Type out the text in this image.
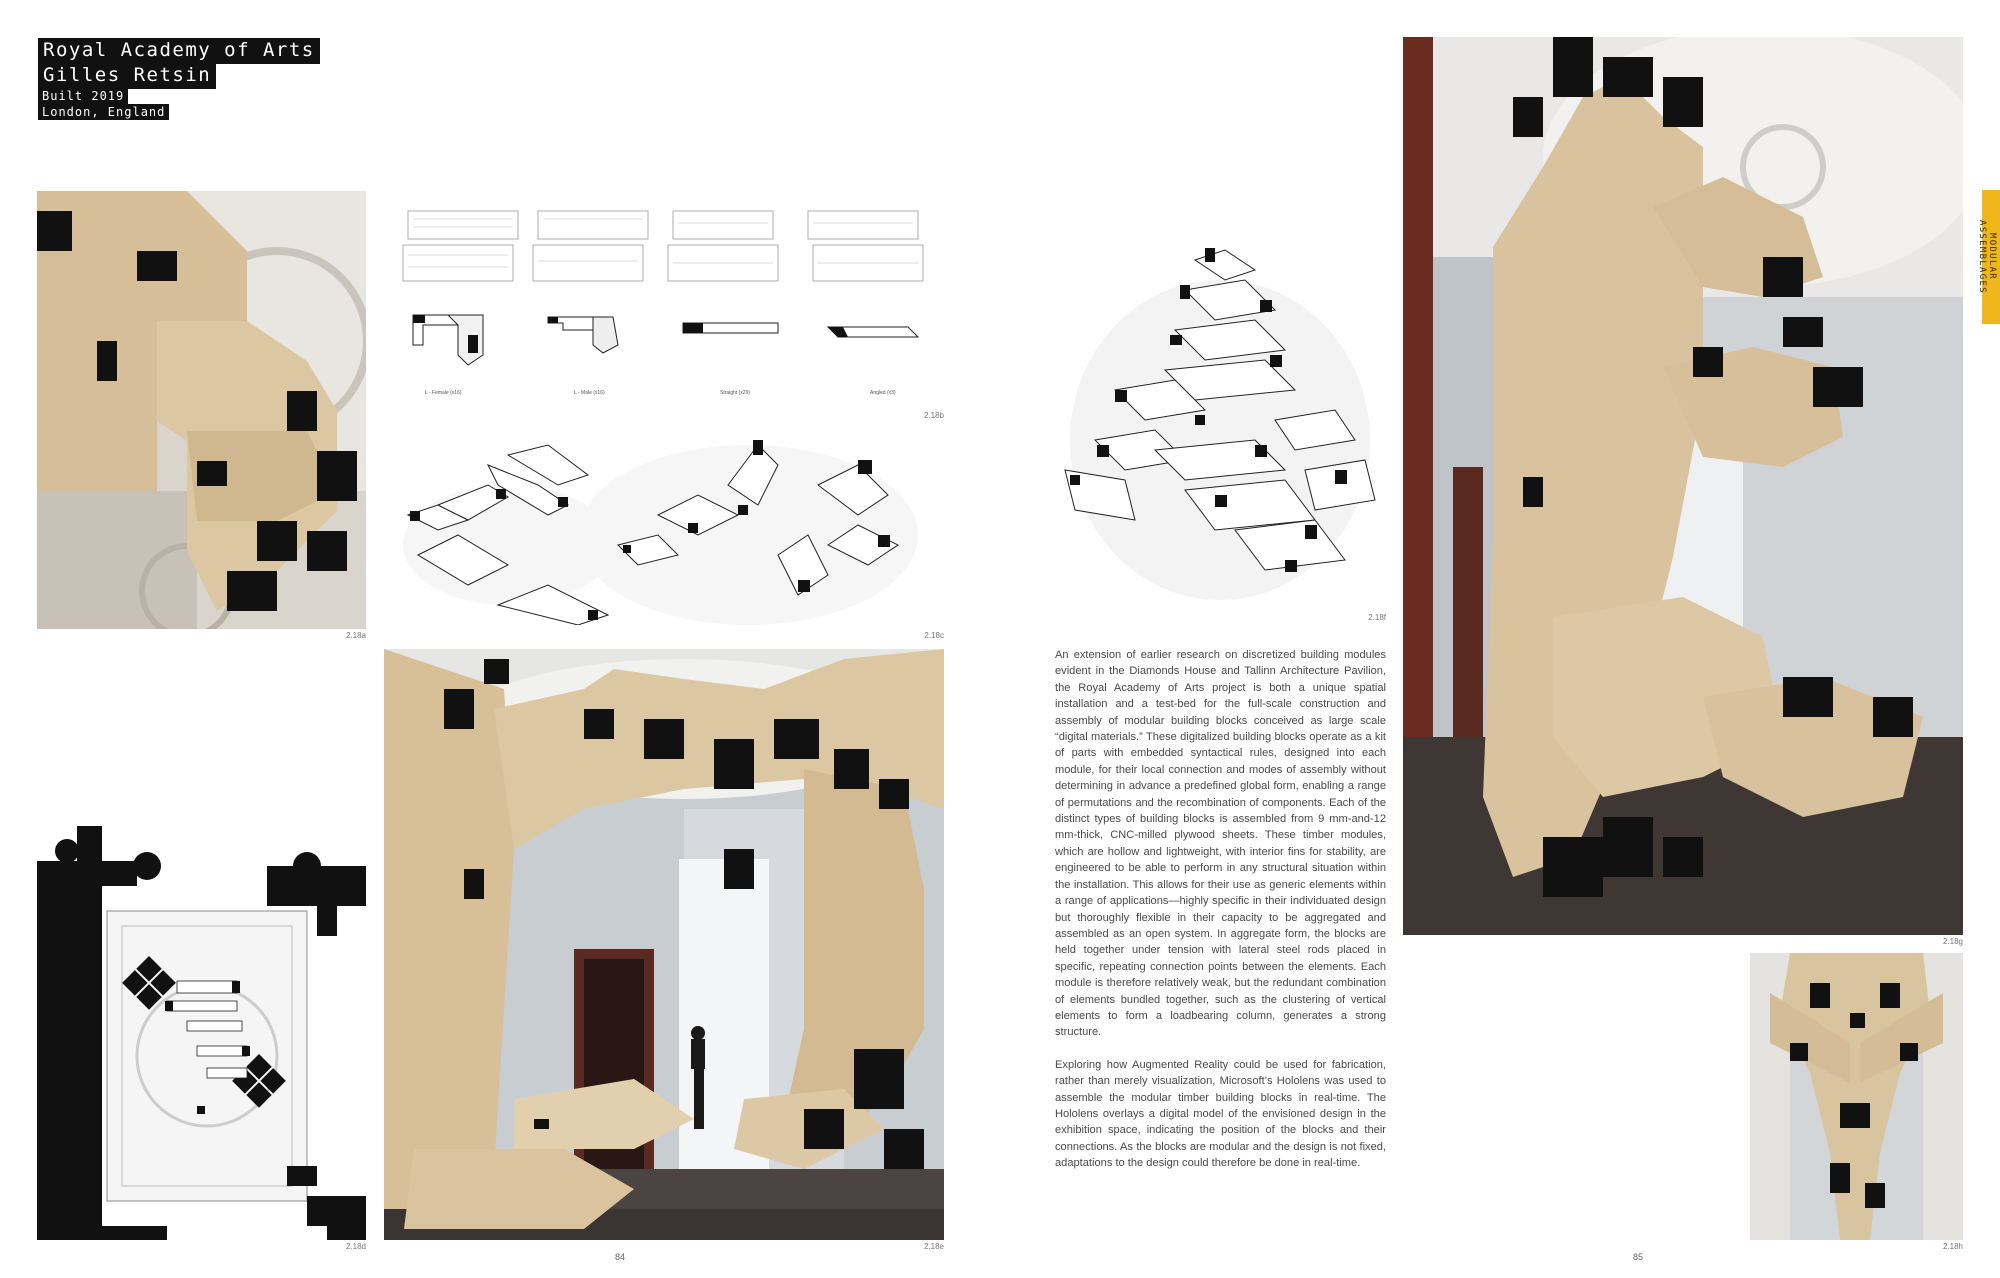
Royal Academy of Arts
Gilles Retsin
Built 2019
London, England
2.18a
L - Female (x16)	L - Male (x16)	Straight (x29)	Angled (x3)
2.18b
2.18c
2.18d	2.18e
84
2.18f

An extension of earlier research on discretized building modules evident in the Diamonds House and Tallinn Architecture Pavilion, the Royal Academy of Arts project is both a unique spatial installation and a test-bed for the full-scale construction and assembly of modular building blocks conceived as large scale “digital materials.” These digitalized building blocks operate as a kit of parts with embedded syntactical rules, designed into each module, for their local connection and modes of assembly without determining in advance a predefined global form, enabling a range of permutations and the recombination of components. Each of the distinct types of building blocks is assembled from 9 mm-and-12 mm-thick, CNC-milled plywood sheets. These timber modules, which are hollow and lightweight, with interior fins for stability, are engineered to be able to perform in any structural situation within the installation. This allows for their use as generic elements within a range of applications—highly specific in their individuated design but thoroughly flexible in their capacity to be aggregated and assembled as an open system. In aggregate form, the blocks are held together under tension with lateral steel rods placed in specific, repeating connection points between the elements. Each module is therefore relatively weak, but the redundant combination of elements bundled together, such as the clustering of vertical elements to form a loadbearing column, generates a strong structure.

Exploring how Augmented Reality could be used for fabrication, rather than merely visualization, Microsoft’s Hololens was used to assemble the modular timber building blocks in real-time. The Hololens overlays a digital model of the envisioned design in the exhibition space, indicating the position of the blocks and their connections. As the blocks are modular and the design is not fixed, adaptations to the design could therefore be done in real-time.

85
2.18g
2.18h
MODULAR ASSEMBLAGES
